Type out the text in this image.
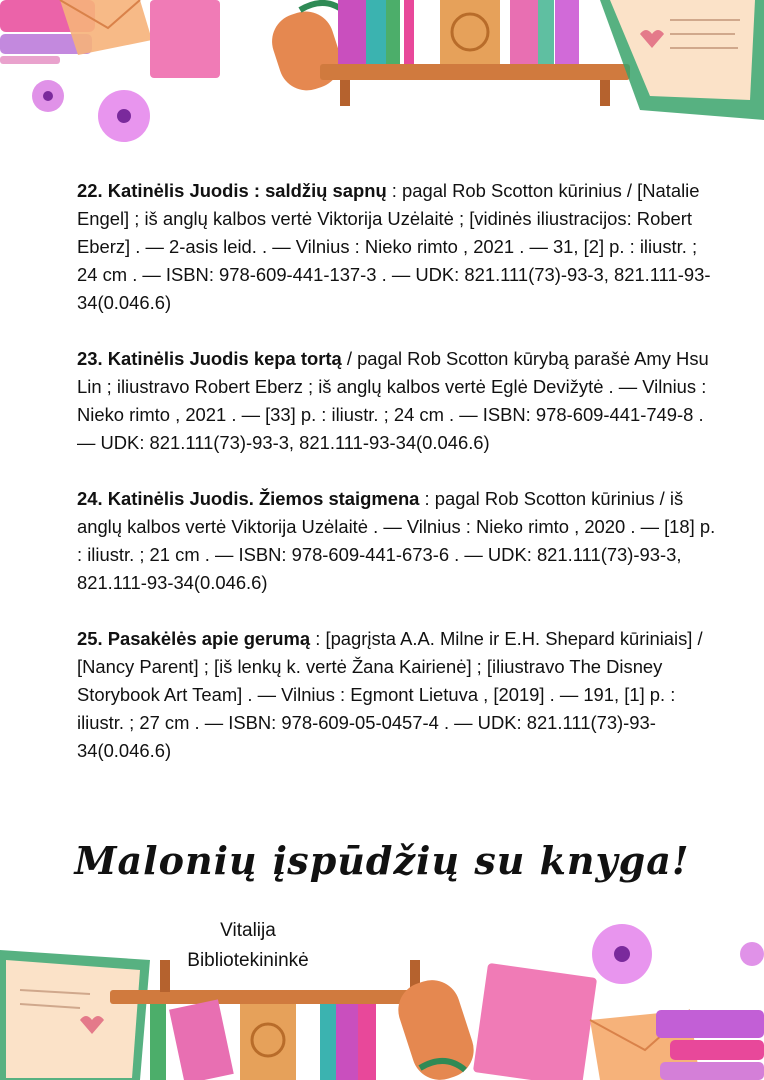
22. Katinėlis Juodis : saldžių sapnų : pagal Rob Scotton kūrinius / [Natalie Engel] ; iš anglų kalbos vertė Viktorija Uzėlaitė ; [vidinės iliustracijos: Robert Eberz] . — 2-asis leid. . — Vilnius : Nieko rimto , 2021 . — 31, [2] p. : iliustr. ; 24 cm . — ISBN: 978-609-441-137-3 . — UDK: 821.111(73)-93-3, 821.111-93-34(0.046.6)

23. Katinėlis Juodis kepa tortą / pagal Rob Scotton kūrybą parašė Amy Hsu Lin ; iliustravo Robert Eberz ; iš anglų kalbos vertė Eglė Devižytė . — Vilnius : Nieko rimto , 2021 . — [33] p. : iliustr. ; 24 cm . — ISBN: 978-609-441-749-8 . — UDK: 821.111(73)-93-3, 821.111-93-34(0.046.6)

24. Katinėlis Juodis. Žiemos staigmena : pagal Rob Scotton kūrinius / iš anglų kalbos vertė Viktorija Uzėlaitė . — Vilnius : Nieko rimto , 2020 . — [18] p. : iliustr. ; 21 cm . — ISBN: 978-609-441-673-6 . — UDK: 821.111(73)-93-3, 821.111-93-34(0.046.6)

25. Pasakėlės apie gerumą : [pagrįsta A.A. Milne ir E.H. Shepard kūriniais] / [Nancy Parent] ; [iš lenkų k. vertė Žana Kairienė] ; [iliustravo The Disney Storybook Art Team] . — Vilnius : Egmont Lietuva , [2019] . — 191, [1] p. : iliustr. ; 27 cm . — ISBN: 978-609-05-0457-4 . — UDK: 821.111(73)-93-34(0.046.6)

Malonių įspūdžių su knyga!
Vitalija
Bibliotekininkė
